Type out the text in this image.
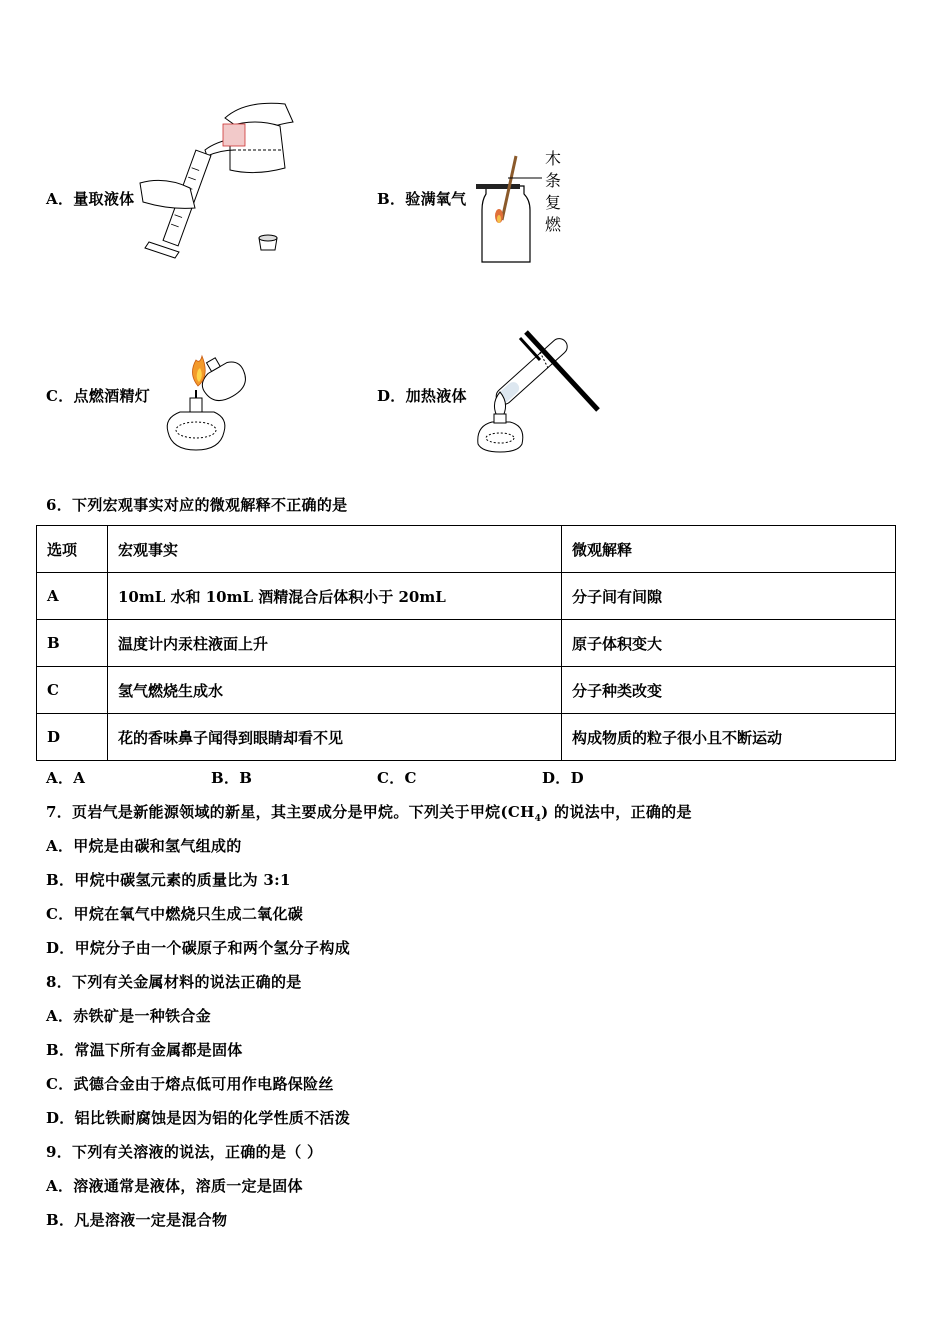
A．量取液体	B．验满氧气
木
条
复
燃
C．点燃酒精灯	D．加热液体
6．下列宏观事实对应的微观解释不正确的是
选项	宏观事实	微观解释
A	10mL 水和 10mL 酒精混合后体积小于 20mL	分子间有间隙
B	温度计内汞柱液面上升	原子体积变大
C	氢气燃烧生成水	分子种类改变
D	花的香味鼻子闻得到眼睛却看不见	构成物质的粒子很小且不断运动
A．A	B．B	C．C	D．D
7．页岩气是新能源领域的新星，其主要成分是甲烷。下列关于甲烷$(CH_4)$ 的说法中，正确的是
A．甲烷是由碳和氢气组成的
B．甲烷中碳氢元素的质量比为 3:1
C．甲烷在氧气中燃烧只生成二氧化碳
D．甲烷分子由一个碳原子和两个氢分子构成
8．下列有关金属材料的说法正确的是
A．赤铁矿是一种铁合金
B．常温下所有金属都是固体
C．武德合金由于熔点低可用作电路保险丝
D．铝比铁耐腐蚀是因为铝的化学性质不活泼
9．下列有关溶液的说法，正确的是（ ）
A．溶液通常是液体，溶质一定是固体
B．凡是溶液一定是混合物
